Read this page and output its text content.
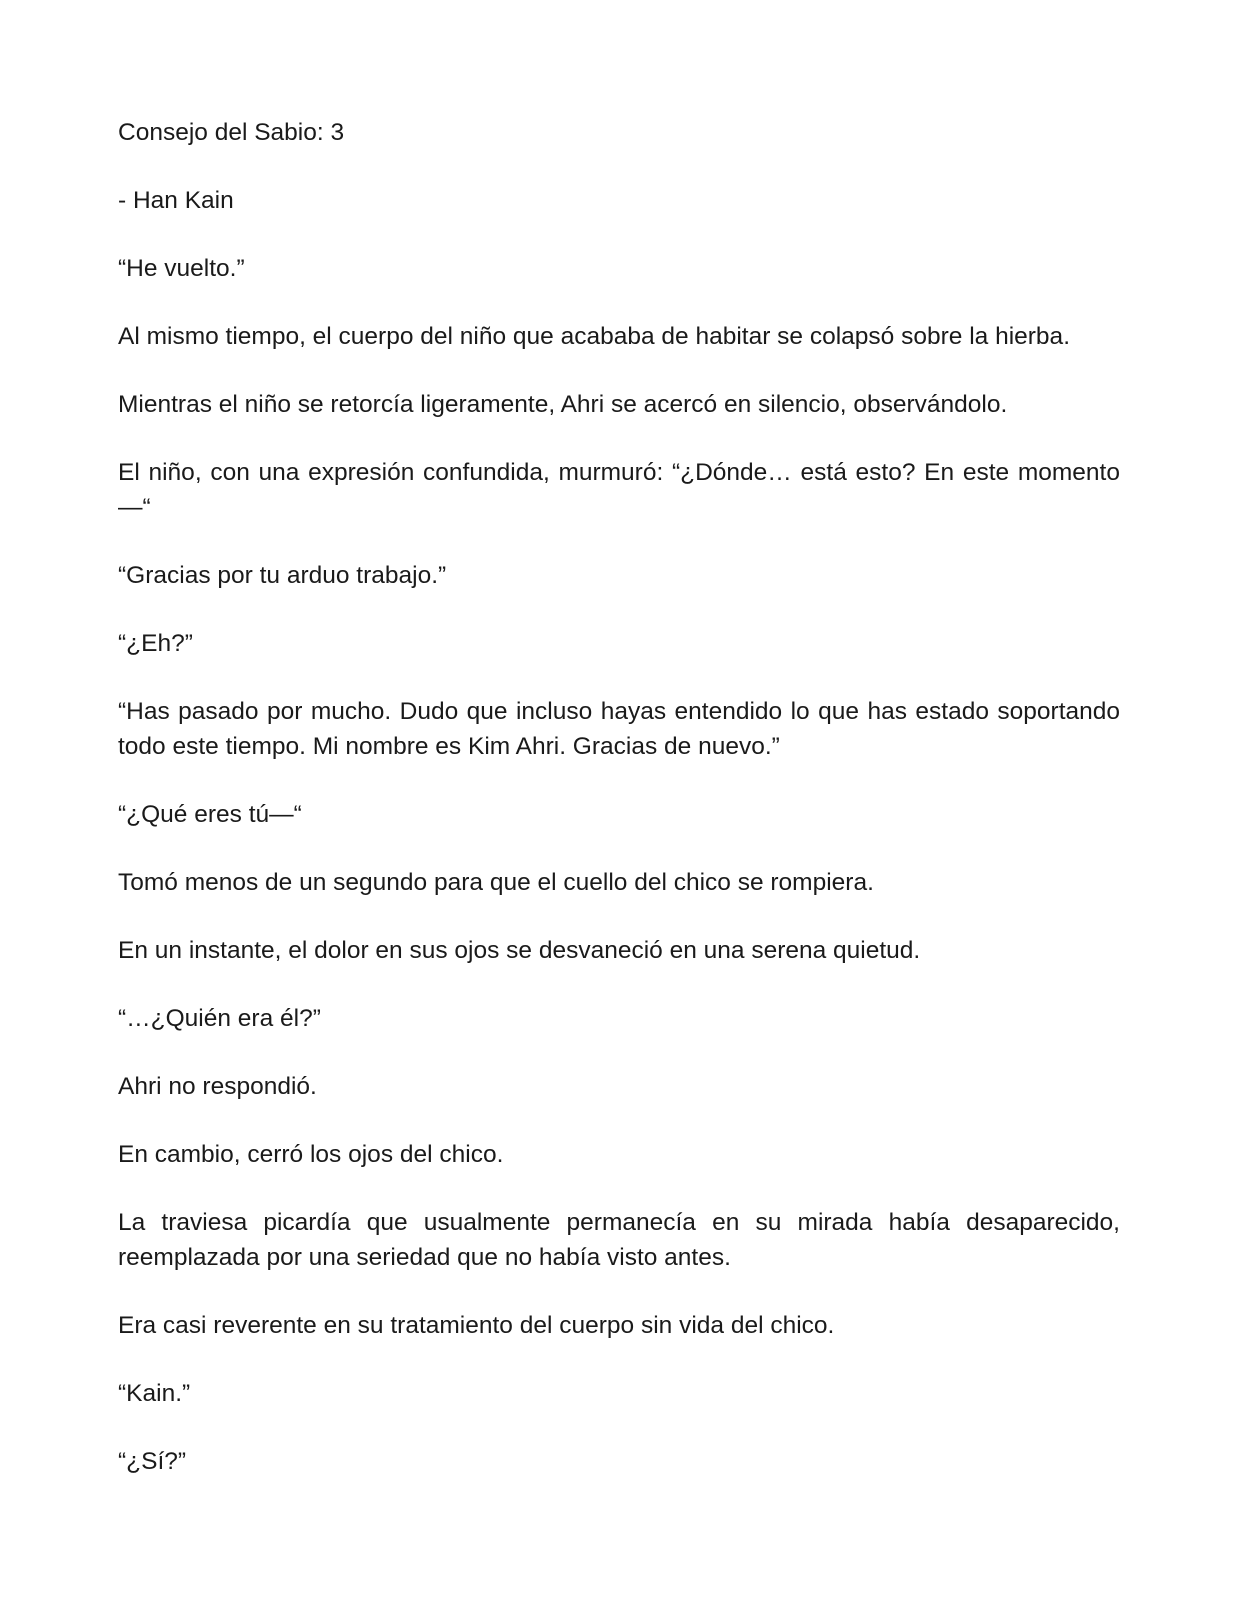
Consejo del Sabio: 3

- Han Kain

“He vuelto.”

Al mismo tiempo, el cuerpo del niño que acababa de habitar se colapsó sobre la hierba.

Mientras el niño se retorcía ligeramente, Ahri se acercó en silencio, observándolo.

El niño, con una expresión confundida, murmuró: “¿Dónde… está esto? En este momento—“

“Gracias por tu arduo trabajo.”

“¿Eh?”

“Has pasado por mucho. Dudo que incluso hayas entendido lo que has estado soportando todo este tiempo. Mi nombre es Kim Ahri. Gracias de nuevo.”

“¿Qué eres tú—“

Tomó menos de un segundo para que el cuello del chico se rompiera.

En un instante, el dolor en sus ojos se desvaneció en una serena quietud.

“…¿Quién era él?”

Ahri no respondió.

En cambio, cerró los ojos del chico.

La traviesa picardía que usualmente permanecía en su mirada había desaparecido, reemplazada por una seriedad que no había visto antes.

Era casi reverente en su tratamiento del cuerpo sin vida del chico.

“Kain.”

“¿Sí?”
